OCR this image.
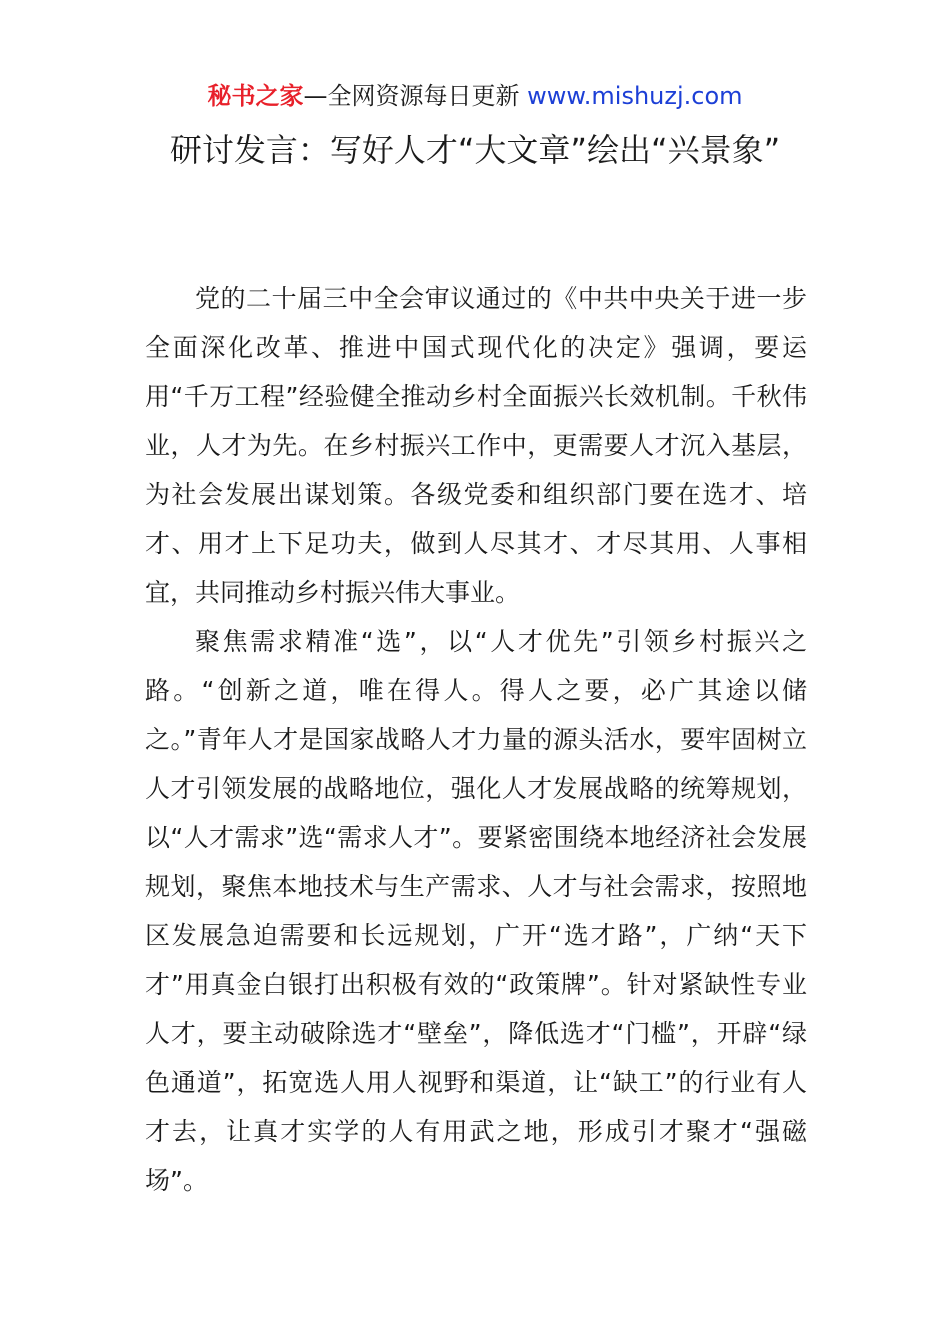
秘书之家—全网资源每日更新 www.mishuzj.com
研讨发言：写好人才“大文章”绘出“兴景象”

党的二十届三中全会审议通过的《中共中央关于进一步全面深化改革、推进中国式现代化的决定》强调，要运用“千万工程”经验健全推动乡村全面振兴长效机制。千秋伟业，人才为先。在乡村振兴工作中，更需要人才沉入基层，为社会发展出谋划策。各级党委和组织部门要在选才、培才、用才上下足功夫，做到人尽其才、才尽其用、人事相宜，共同推动乡村振兴伟大事业。

聚焦需求精准“选”，以“人才优先”引领乡村振兴之路。“创新之道，唯在得人。得人之要，必广其途以储之。”青年人才是国家战略人才力量的源头活水，要牢固树立人才引领发展的战略地位，强化人才发展战略的统筹规划，以“人才需求”选“需求人才”。要紧密围绕本地经济社会发展规划，聚焦本地技术与生产需求、人才与社会需求，按照地区发展急迫需要和长远规划，广开“选才路”，广纳“天下才”用真金白银打出积极有效的“政策牌”。针对紧缺性专业人才，要主动破除选才“壁垒”，降低选才“门槛”，开辟“绿色通道”，拓宽选人用人视野和渠道，让“缺工”的行业有人才去，让真才实学的人有用武之地，形成引才聚才“强磁场”。
